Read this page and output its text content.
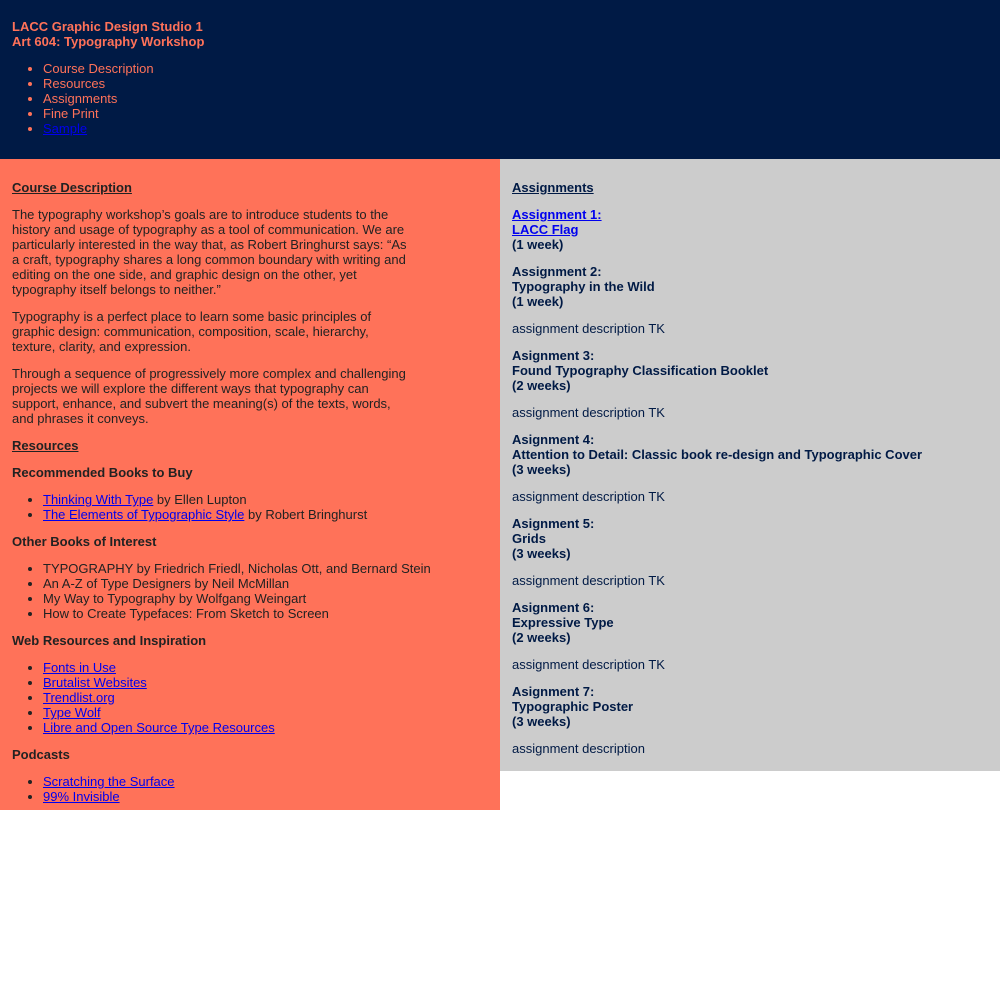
LACC Graphic Design Studio 1
Art 604: Typography Workshop
• Course Description
• Resources
• Assignments
• Fine Print
• Sample
Course Description

The typography workshop’s goals are to introduce students to the history and usage of typography as a tool of communication. We are particularly interested in the way that, as Robert Bringhurst says: “As a craft, typography shares a long common boundary with writing and editing on the one side, and graphic design on the other, yet typography itself belongs to neither.”

Typography is a perfect place to learn some basic principles of graphic design: communication, composition, scale, hierarchy, texture, clarity, and expression.

Through a sequence of progressively more complex and challenging projects we will explore the different ways that typography can support, enhance, and subvert the meaning(s) of the texts, words, and phrases it conveys.

Resources
Recommended Books to Buy
• Thinking With Type by Ellen Lupton
• The Elements of Typographic Style by Robert Bringhurst
Other Books of Interest
• TYPOGRAPHY by Friedrich Friedl, Nicholas Ott, and Bernard Stein
• An A-Z of Type Designers by Neil McMillan
• My Way to Typography by Wolfgang Weingart
• How to Create Typefaces: From Sketch to Screen
Web Resources and Inspiration
• Fonts in Use
• Brutalist Websites
• Trendlist.org
• Type Wolf
• Libre and Open Source Type Resources
Podcasts
• Scratching the Surface
• 99% Invisible
Assignments
Assignment 1:
LACC Flag
(1 week)
Assignment 2:
Typography in the Wild
(1 week)
assignment description TK
Asignment 3:
Found Typography Classification Booklet
(2 weeks)
assignment description TK
Asignment 4:
Attention to Detail: Classic book re-design and Typographic Cover
(3 weeks)
assignment description TK
Asignment 5:
Grids
(3 weeks)
assignment description TK
Asignment 6:
Expressive Type
(2 weeks)
assignment description TK
Asignment 7:
Typographic Poster
(3 weeks)
assignment description
